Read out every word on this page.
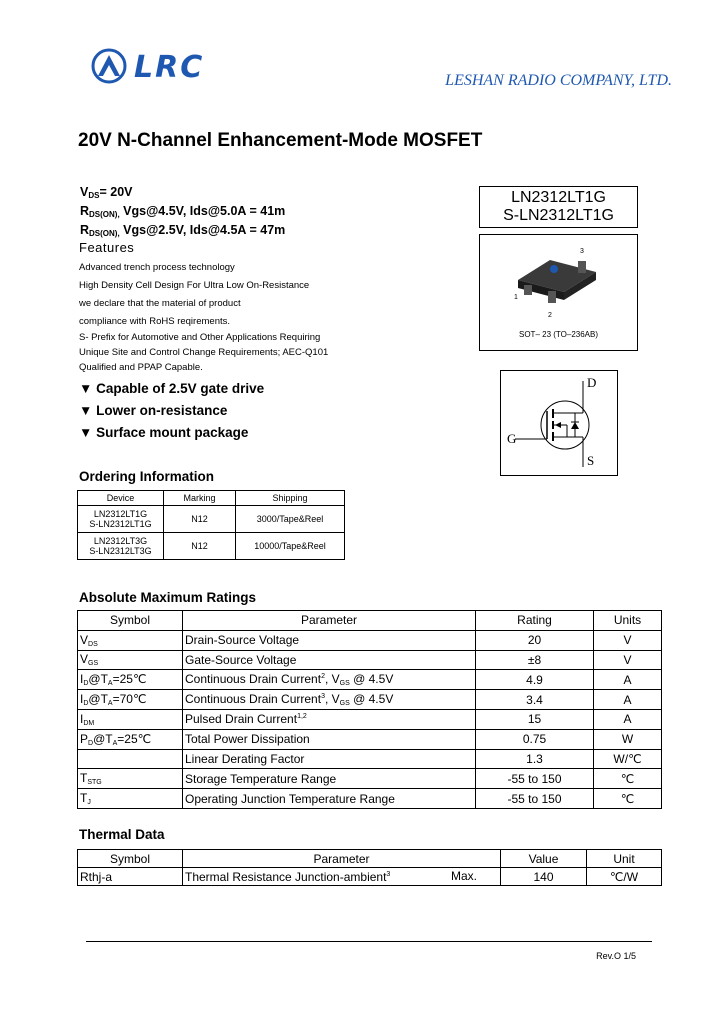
LRC	LESHAN RADIO COMPANY, LTD.
20V N-Channel Enhancement-Mode MOSFET
$V_{DS}= 20V$
$R_{DS(ON),}$ Vgs@4.5V, Ids@5.0A = 41m
$R_{DS(ON),}$ Vgs@2.5V, Ids@4.5A = 47m
Features
Advanced trench process technology
High Density Cell Design For Ultra Low On-Resistance
we declare that the material of product
compliance with RoHS reqirements.
S- Prefix for Automotive and Other Applications Requiring
Unique Site and Control Change Requirements; AEC-Q101
Qualified and PPAP Capable.
▼ Capable of 2.5V gate drive
▼ Lower on-resistance
▼ Surface mount package
LN2312LT1G
S-LN2312LT1G
3
1
2
SOT– 23 (TO–236AB)
D
G
S
Ordering Information
Device	Marking	Shipping

LN2312LT1G
S-LN2312LT1G	N12	3000/Tape&Reel

LN2312LT3G
S-LN2312LT3G	N12	10000/Tape&Reel
Absolute Maximum Ratings
Symbol	Parameter	Rating	Units
$V_{DS}$	Drain-Source Voltage	20	V
$V_{GS}$	Gate-Source Voltage	±8	V
$I_D@T_A=25℃$	Continuous Drain Current$^2$, $V_{GS}$ @ 4.5V	4.9	A
$I_D@T_A=70℃$	Continuous Drain Current$^3$, $V_{GS}$ @ 4.5V	3.4	A
$I_{DM}$	Pulsed Drain Current$^{1,2}$	15	A
$P_D@T_A=25℃$	Total Power Dissipation	0.75	W
	Linear Derating Factor	1.3	W/℃
$T_{STG}$	Storage Temperature Range	-55 to 150	℃
$T_J$	Operating Junction Temperature Range	-55 to 150	℃
Thermal Data
Symbol	Parameter	Value	Unit
Rthj-a	Thermal Resistance Junction-ambient$^3$ Max.	140	℃/W
Rev.O 1/5
